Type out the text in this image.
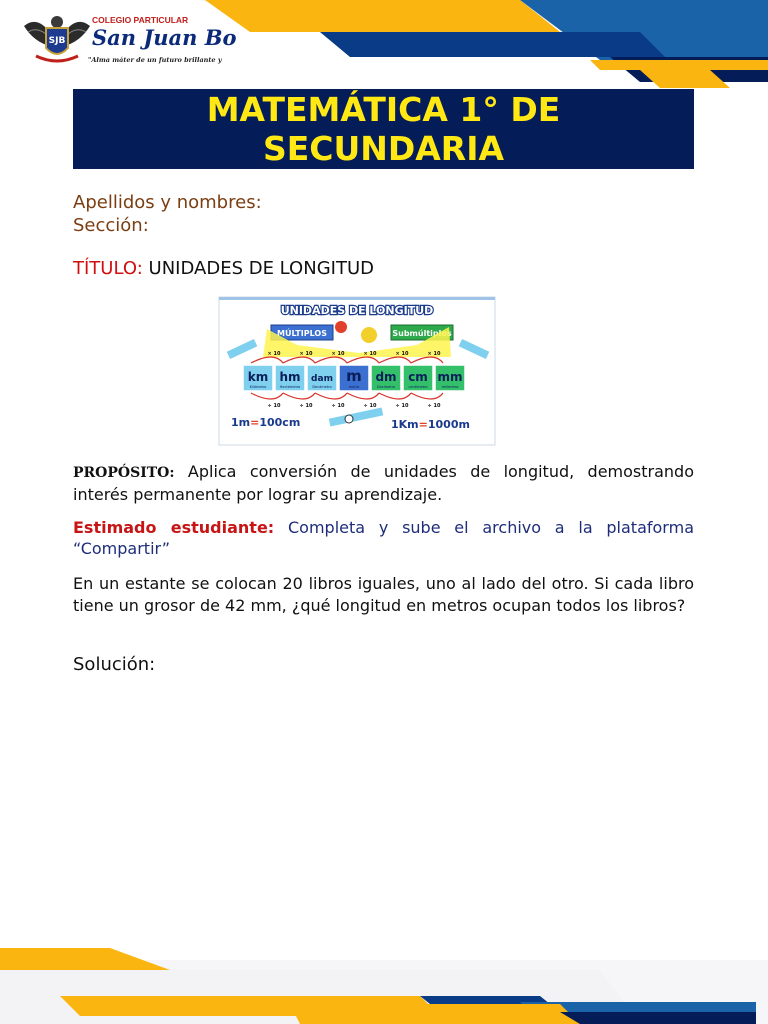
SJB
COLEGIO PARTICULAR
San Juan Bo
"Alma máter de un futuro brillante y
MATEMÁTICA 1° DE SECUNDARIA
Apellidos y nombres:
Sección:
TÍTULO: UNIDADES DE LONGITUD
UNIDADES DE LONGITUD
MÚLTIPLOS	Submúltiplos
km
Kilómetro
× 10
÷ 10
hm
Hectómetro
× 10
÷ 10
dam
Decámetro
× 10
÷ 10
m
metro
× 10
÷ 10
dm
Decímetro
× 10
÷ 10
cm
centímetro
× 10
÷ 10
mm
milímetro
1m=100cm	1Km=1000m
PROPÓSITO: Aplica conversión de unidades de longitud, demostrando interés permanente por lograr su aprendizaje.
Estimado estudiante: Completa y sube el archivo a la plataforma “Compartir”
En un estante se colocan 20 libros iguales, uno al lado del otro. Si cada libro tiene un grosor de 42 mm, ¿qué longitud en metros ocupan todos los libros?
Solución:
